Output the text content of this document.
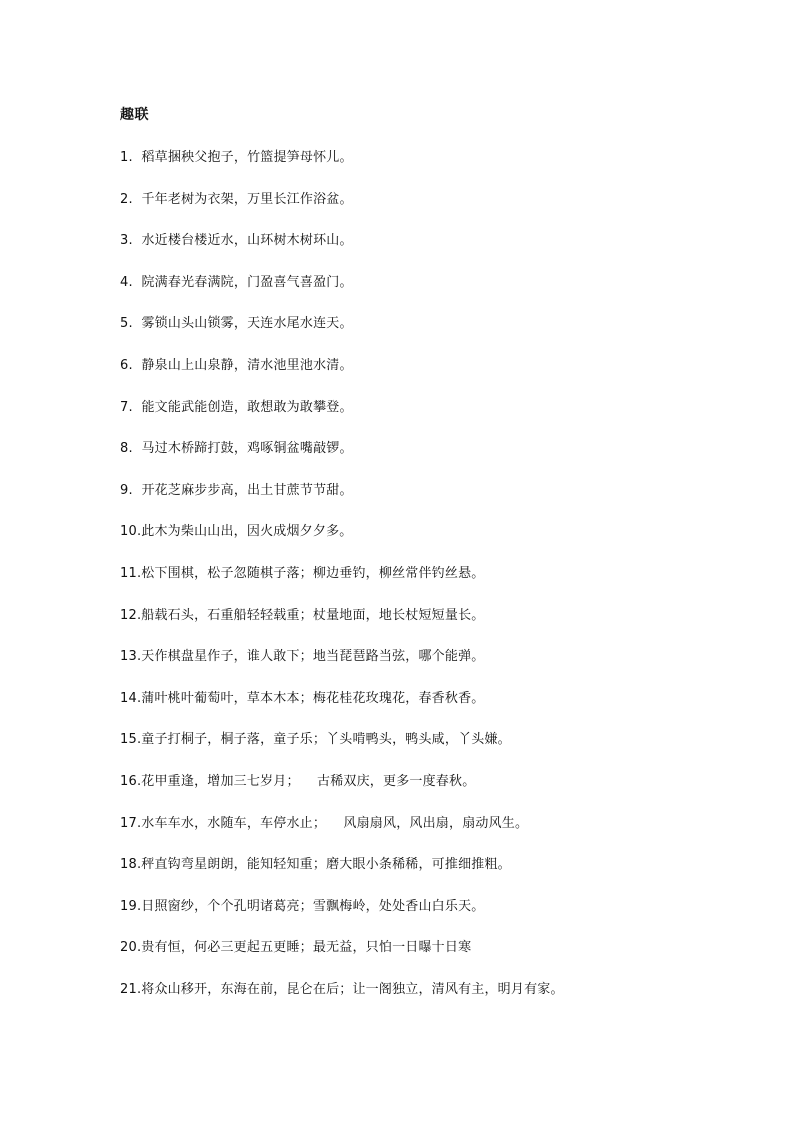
趣联
1.  稻草捆秧父抱子，竹篮提笋母怀儿。
2.  千年老树为衣架，万里长江作浴盆。
3.  水近楼台楼近水，山环树木树环山。
4.  院满春光春满院，门盈喜气喜盈门。
5.  雾锁山头山锁雾，天连水尾水连天。
6.  静泉山上山泉静，清水池里池水清。
7.  能文能武能创造，敢想敢为敢攀登。
8.  马过木桥蹄打鼓，鸡啄铜盆嘴敲锣。
9.  开花芝麻步步高，出土甘蔗节节甜。
10.此木为柴山山出，因火成烟夕夕多。
11.松下围棋，松子忽随棋子落；柳边垂钓，柳丝常伴钓丝悬。
12.船载石头，石重船轻轻载重；杖量地面，地长杖短短量长。
13.天作棋盘星作子，谁人敢下；地当琵琶路当弦，哪个能弹。
14.蒲叶桃叶葡萄叶，草本木本；梅花桂花玫瑰花，春香秋香。
15.童子打桐子，桐子落，童子乐；丫头啃鸭头，鸭头咸，丫头嫌。
16.花甲重逢，增加三七岁月；    古稀双庆，更多一度春秋。
17.水车车水，水随车，车停水止；    风扇扇风，风出扇，扇动风生。
18.秤直钩弯星朗朗，能知轻知重；磨大眼小条稀稀，可推细推粗。
19.日照窗纱，个个孔明诸葛亮；雪飘梅岭，处处香山白乐天。
20.贵有恒，何必三更起五更睡；最无益，只怕一日曝十日寒
21.将众山移开，东海在前，昆仑在后；让一阁独立，清风有主，明月有家。
